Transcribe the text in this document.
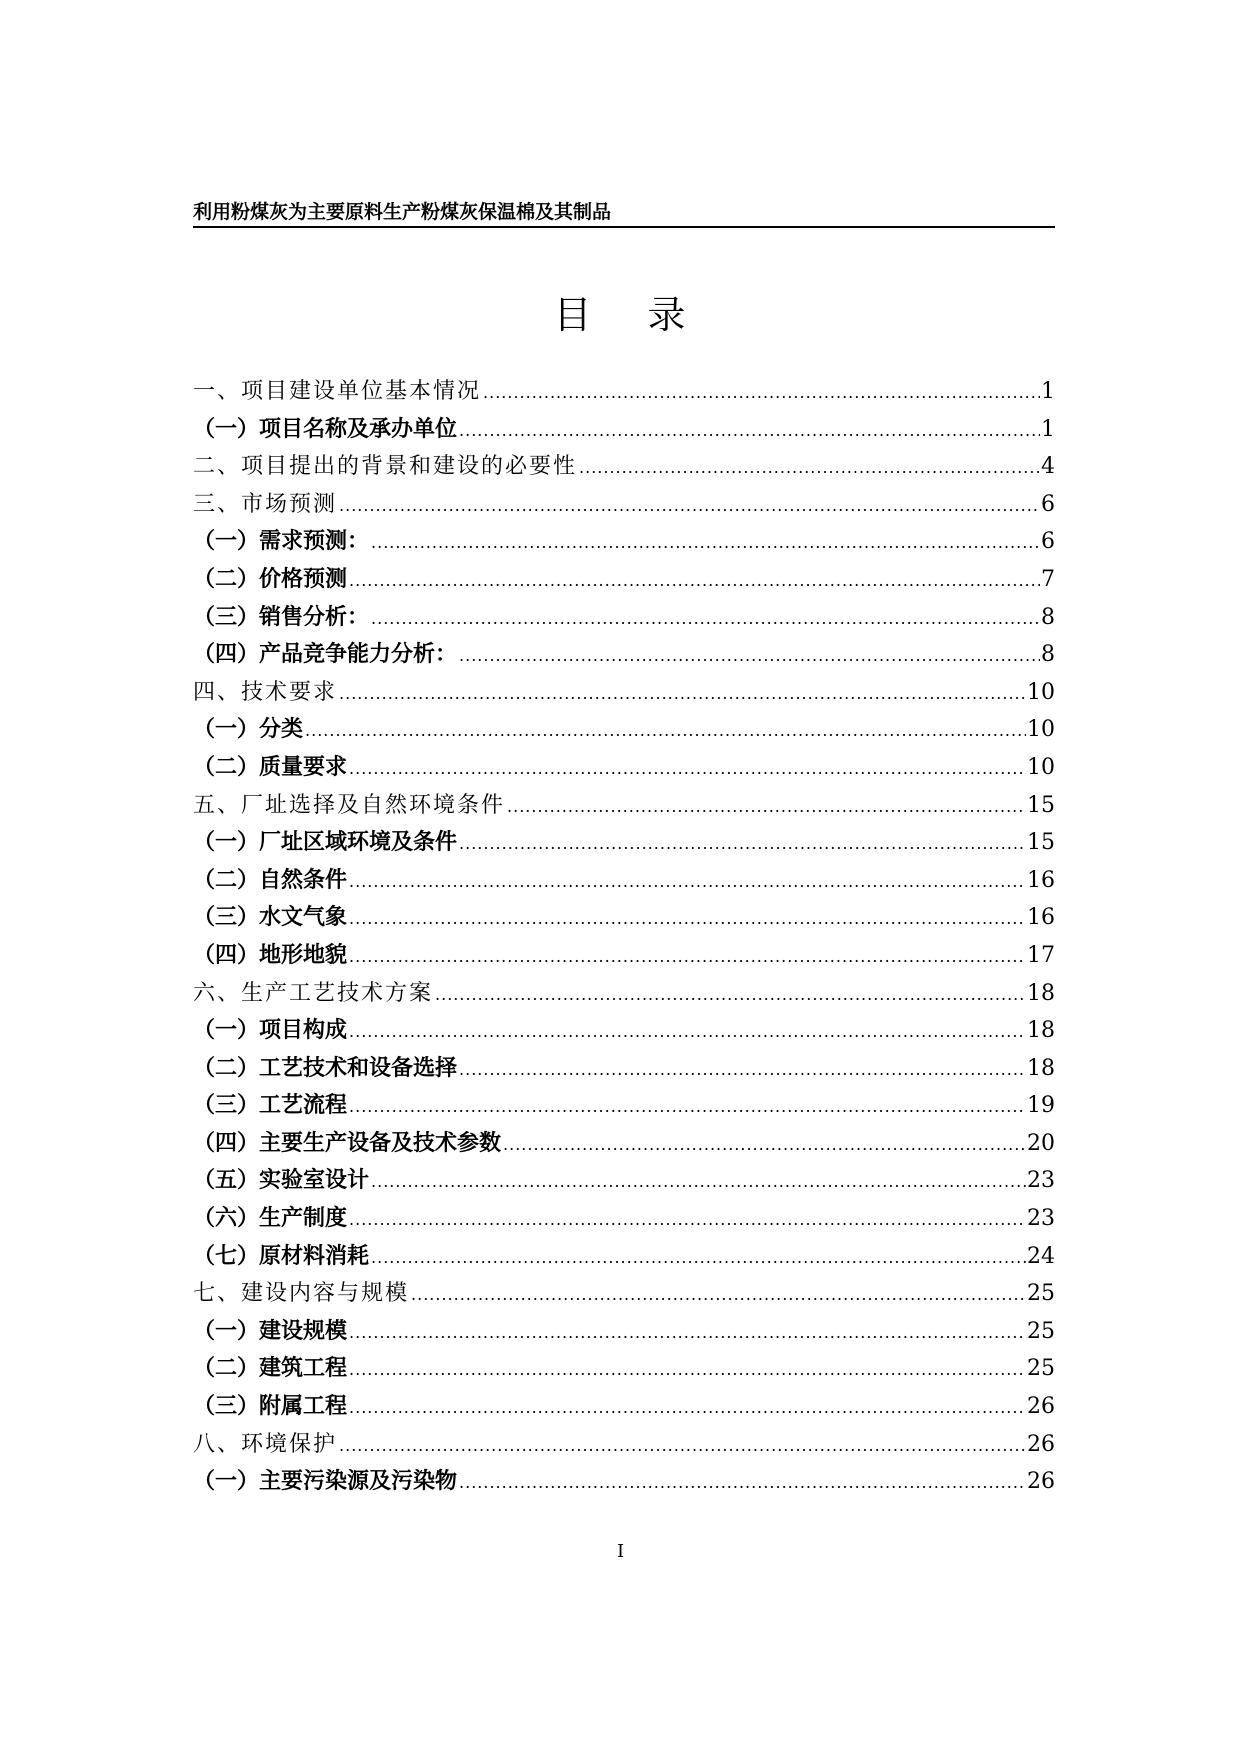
利用粉煤灰为主要原料生产粉煤灰保温棉及其制品
目 录
一、项目建设单位基本情况 .....	1
（一）项目名称及承办单位 .....	1
二、项目提出的背景和建设的必要性 .....	4
三、市场预测 .....	6
（一）需求预测： .....	6
（二）价格预测 .....	7
（三）销售分析： .....	8
（四）产品竞争能力分析： .....	8
四、技术要求 .....	10
（一）分类 .....	10
（二）质量要求 .....	10
五、厂址选择及自然环境条件 .....	15
（一）厂址区域环境及条件 .....	15
（二）自然条件 .....	16
（三）水文气象 .....	16
（四）地形地貌 .....	17
六、生产工艺技术方案 .....	18
（一）项目构成 .....	18
（二）工艺技术和设备选择 .....	18
（三）工艺流程 .....	19
（四）主要生产设备及技术参数 .....	20
（五）实验室设计 .....	23
（六）生产制度 .....	23
（七）原材料消耗 .....	24
七、建设内容与规模 .....	25
（一）建设规模 .....	25
（二）建筑工程 .....	25
（三）附属工程 .....	26
八、环境保护 .....	26
（一）主要污染源及污染物 .....	26
I
